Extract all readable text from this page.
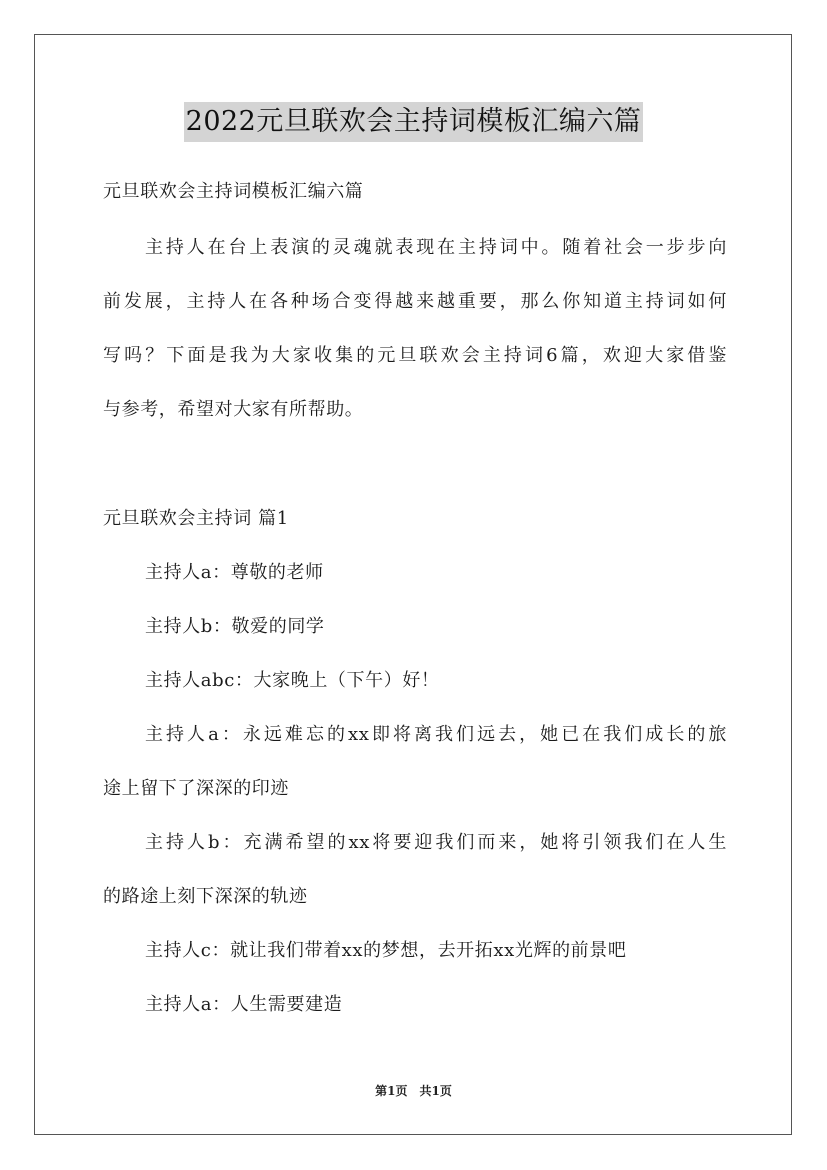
2022元旦联欢会主持词模板汇编六篇
元旦联欢会主持词模板汇编六篇
主持人在台上表演的灵魂就表现在主持词中。随着社会一步步向
前发展，主持人在各种场合变得越来越重要，那么你知道主持词如何
写吗？下面是我为大家收集的元旦联欢会主持词6篇，欢迎大家借鉴
与参考，希望对大家有所帮助。
元旦联欢会主持词 篇1
主持人a：尊敬的老师
主持人b：敬爱的同学
主持人abc：大家晚上（下午）好！
主持人a：永远难忘的xx即将离我们远去，她已在我们成长的旅
途上留下了深深的印迹
主持人b：充满希望的xx将要迎我们而来，她将引领我们在人生
的路途上刻下深深的轨迹
主持人c：就让我们带着xx的梦想，去开拓xx光辉的前景吧
主持人a：人生需要建造
第1页　共1页
